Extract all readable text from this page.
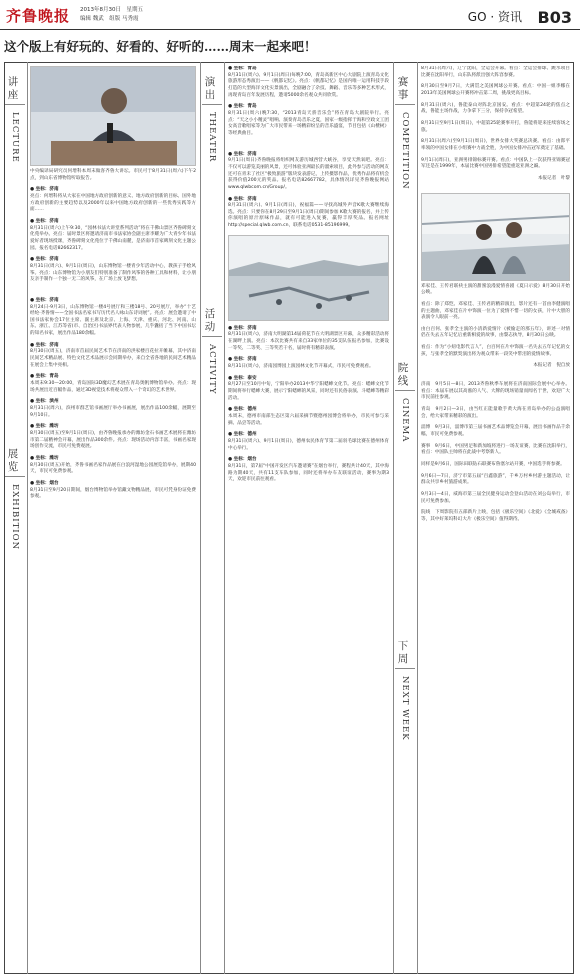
齐鲁晚报 2013年8月30日　星期五
编辑 魏武　组版 马秀霞	GO · 资讯 B03
这个版上有好玩的、好看的、好听的……周末一起来吧！
讲座
LECTURE
展览
EXHIBITION
中央编译局研究员何增科本周末做客齐鲁大讲坛。市民可于8月31日(周六)下午2点，到山东省博物馆听取报告。
● 坐标：济南
亮点：何增科将从大家在中国地方政府创新的意义、地方政府创新的目标、国外地方政府创新的主要趋势以及2000年以来中国地方政府创新的一些优秀实践等方面……
● 坐标：济南
8月31日(周六)上午9:30，“园林书法大讲堂系列活动”将在千佛山景区齐鲁碑刻文化苑举办。亮点：届时景区将邀请济南市书法家协会副主席李耀为广大青少年书法爱好者现场授课，齐鲁碑刻文化苑位于千佛山南麓，是济南市首家碑刻文化主题公园。报名电话82662317。
● 坐标：济南
8月31日(周六)、9月1日(周日)，山东博物馆一楼青少年活动中心，教孩子手绘风筝。亮点：山东博物馆为小朋友们特别准备了制作风筝的各种工具和材料，让小朋友亲手制作一个独一无二的风筝，在广场上放飞梦想。
● 坐标：济南
8月24日-9月3日，山东博物馆一楼4号展厅和三楼18号、20号展厅，举办“十艺经纶·齐鲁情——全国书法名家书写历代名人咏山东诗词展”。亮点：展会邀请了中国书法家协会17位主席、副主席及北京、上海、天津、重庆、河北、河南、山东、浙江、江苏等省(市、自治区)书法界代表人物参展，几乎囊括了当下中国书坛的知名书家，展出作品180余幅。
● 坐标：济南
8月30日(周五)，济南市首届民间艺术节在济南的洪家楼百花拉开帷幕，其中济南民间艺术精品展、特色文化艺术品展示会同期举办，来自全省各地的民间艺术精品在展会上集中亮相。
● 坐标：青岛
本周末9:30—20:00，青岛国际3D魔幻艺术展在青岛奥帆博物馆举办。亮点：现场共展出近百幅作品，通过3D视觉技术将观众带入一个奇幻的艺术世界。
● 坐标：滨州
8月31日(周六)，滨州市群艺馆书画展厅举办书画展，展出作品100余幅，展期至9月10日。
● 坐标：潍坊
8月30日(周五)至9月1日(周日)，由齐鲁晚报承办的潍坊金石书画艺术展将在潍坊市第二届精神会开幕，展出作品300余件。亮点：现场活动内容丰富，书画名家现场创作交流，市民可免费观展。
● 坐标：潍坊
8月30日(周五)开始，齐鲁书画名家作品展在白浪河湿地公园展览馆举办，展期40天，市民可免费参观。
● 坐标：烟台
8月31日至9月20日期间，烟台博物馆举办馆藏文物精品展，市民可凭身份证免费参观。
演出
THEATER
活动
ACTIVITY
● 坐标：青岛
8月31日(周六)、9月1日(周日)每晚7:00，青岛高新区中心大剧院上演青岛文化旅游形态秀演出——《帆都记忆》。亮点：《帆都记忆》是国内唯一运用科技手段打造的大型海洋文化实景演出，全剧融合了杂技、舞蹈、音乐等多种艺术形式，再现青岛百年发展历程，邀请5000余名观众共同欣赏。
● 坐标：青岛
8月31日(周六)晚7:30，“2013青岛天骄音乐会”将在青岛大剧院举行。亮点：“天之小小精灵”唱响、演奏青岛音乐之夏，国家一级指挥于海和空政文工团女高音歌唱家等为广大市民带来一场精彩纷呈的音乐盛宴，节目包括《山楂树》等经典曲目。
● 坐标：济南
9月1日(周日)齐鲁晚报将组织网友游历城西营大峡谷，享受天然氧吧。亮点：不仅可以游览美丽的风景，还可体验亚洲最长的溜索项目，此外参与活动的网友还可在青未了社区“极致旅游”版块发表游记，上传摄影作品，优秀作品将有机会获得价值200元的奖品。报名电话82667782，具体情况详见齐鲁晚报网站www.qlwbcom.cn/Group/。
● 坐标：济南
8月31日(周六)、9月1日(周日)，祝福篇——寻找高城外声音K歌大赛继续海选。亮点：只要你在8月29日至9月1日(周日)期间参加 K歌大赛的报名，并上传你演唱的原汁原味作品，就有可能进入复赛，赢得丰厚奖品。报名网址http://special.qlwb.com.cn，联系电话0531-85196999。
● 坐标：济南
8月31日(周六)，济南大明湖第14届荷花节在大明湖景区开幕，众多精彩活动将在湖畔上演。亮点：本次比赛共有来自33家单位的35支队伍报名参加，比赛设一等奖、二等奖、三等奖若干名，届时将有精彩表演。
● 坐标：济南
8月31日(周六)，济南园博园上演园林文化节开幕式，市民可免费观看。
● 坐标：泰安
8月27日至10月中旬，宁阳举办2013中华宁阳蟋蟀文化节。亮点：蟋蟀文化节期间将举行蟋蟀大赛，展示宁阳蟋蟀的风采，同时还有民俗表演、斗蟋蟀等精彩活动。
● 坐标：德州
本周末，德州市南部生态区第六届采摘节暨德州园博会将举办，市民可参与采摘、品尝等活动。
● 坐标：德州
8月31日(周六)、9月1日(周日)，德州农民体育节第二届羽毛球比赛在德州体育中心举行。
● 坐标：烟台
8月31日，第7届“中国开发区汽车邀请赛”在烟台举行，赛程共计40天，其中海路为期40天，共有11支车队参加，同时还将举办车友联谊活动，赛事为期3天，欢迎市民前往观看。
赛事
COMPETITION
院线
CINEMA
下周
NEXT WEEK
8月31日(周六)，辽宁沈阳，全运会开幕。看点：全运会排球、跳水项目比赛在沈阳举行，山东队将派出强大阵容参赛。
8月30日至9月7日，大满贯之美国网球公开赛。看点：中国一姐李娜在2013年美国网球公开赛将冲击第二周，挑战更高目标。
8月31日(周六)，鲁能泰山对阵北京国安。看点：中超第24轮的焦点之战，鲁能主场作战，力争拿下三分，保持争冠希望。
8月31日至9月1日(周日)，中超第25轮赛事开打，鲁能将迎来连续客场之旅。
8月31日(周六)至9月1日(周日)，世界女排大奖赛总决赛。看点：由郎平率领的中国女排在小组赛中力战全胜，为中国女排冲击冠军奠定了基础。
9月1日(周日)，亚洲男排锦标赛开赛。看点：中国队上一次获得亚锦赛冠军还是在1999年，本届比赛中国男排希望能重返亚洲之巅。
本报记者　叶黎
邓家佳、王传君联袂主演的甜蜜浪漫爱情喜剧《夏日示爱》8月30日开始公映。
看点：除了郑恺、邓家佳、王传君的精彩演出，影片还有一首由李健演唱的主题曲，邓家佳在片中饰演一位为了爱情不惜一切的女孩，片中大胆的表演令人眼前一亮。
由白百何、张孝全主演的小清新爱情片《被偷走的那五年》，讲述一对情侣在失去五年记忆后重新相爱的故事，由黎志执导，8月30日公映。
看点：作为“小妞电影代言人”，白百何在片中饰演一名失去五年记忆的女孩，与张孝全的默契演出将为观众带来一段笑中带泪的爱情故事。
本报记者　倪自放
济南　9月5日—8日，2013齐鲁秋季车展将在济南国际会展中心举办。看点：本届车展以其高涨的人气、大牌的现场销量而闻名于世，欢迎广大市民前往参观。
青岛　9月2日—3日，由当红正能量歌手黄大海在青岛举办的公益演唱会，给大家带来精彩的演出。
淄博　9月3日，淄博市第三届书画艺术品博览会开幕，展出书画作品千余幅，市民可免费参观。
赛事　9月6日，中国男足和新加坡将进行一场友谊赛，比赛在沈阳举行，看点：中国队主帅将在此战中考察新人。
同样是9月6日，国际田联钻石联赛布鲁塞尔站开赛，中国选手将参赛。
9月6日—7日，济宁市第五届“百鑫旅游”，千乡万村乡村游主题活动，让群众共享乡村旅游成果。
9月3日—4日，威海市第三届全民健身运动会登山活动在刘公岛举行，市民可免费参加。
院线　下周影院有五部新片上映，包括《极乐空间》《北爱》《全城戒备》等，其中好莱坞科幻大片《极乐空间》值得期待。
